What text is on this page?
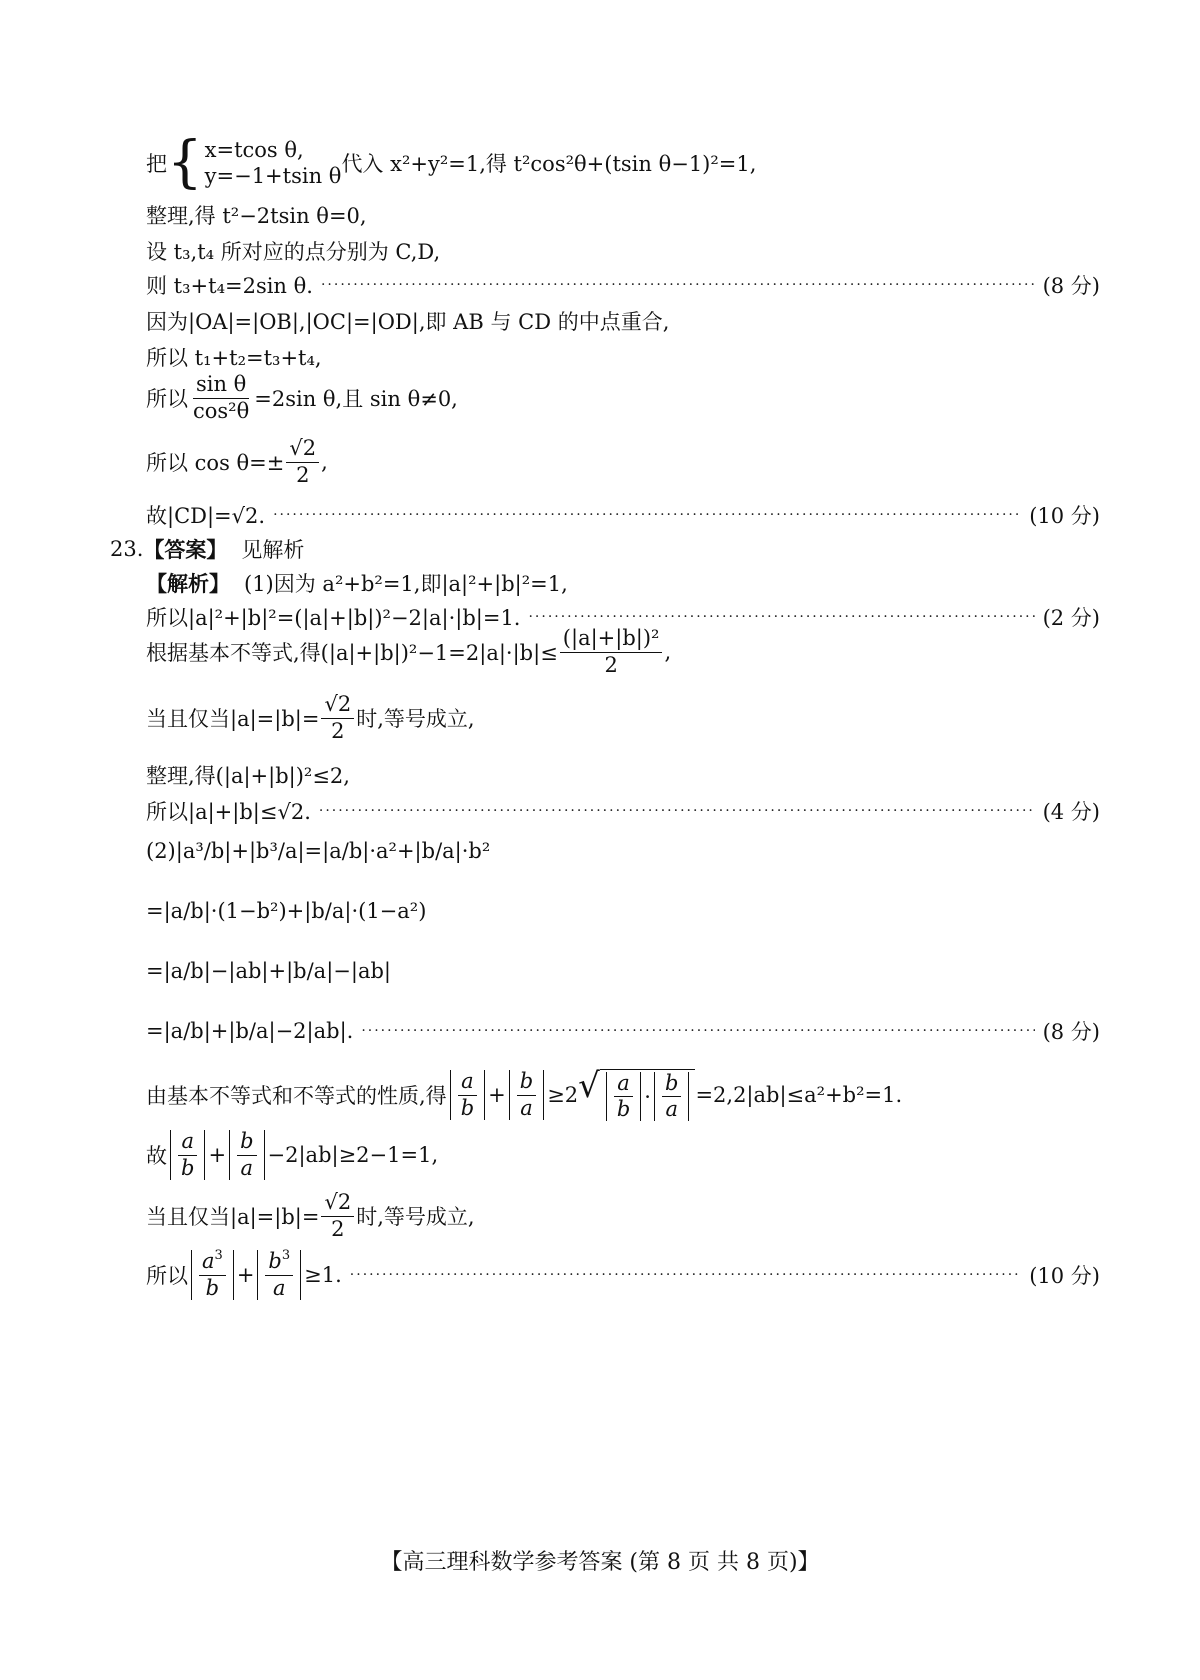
把 { x=tcos θ,
y=−1+tsin θ 代入 x²+y²=1,得 t²cos²θ+(tsin θ−1)²=1,
整理,得 t²−2tsin θ=0,
设 t₃,t₄ 所对应的点分别为 C,D,
则 t₃+t₄=2sin θ. ·····	(8 分)
因为|OA|=|OB|,|OC|=|OD|,即 AB 与 CD 的中点重合,
所以 t₁+t₂=t₃+t₄,
所以 $\frac{\text{sin θ}}{\text{cos²θ}} =2\sin$ θ,且 sin θ≠0,
所以 $\cos \theta=\pm \frac{√2}{2}$ ,
故|CD|=√2. ·····	(10 分)
23. 【答案】 见解析
【解析】 (1)因为 a²+b²=1,即|a|²+|b|²=1,
所以|a|²+|b|²=(|a|+|b|)²−2|a|·|b|=1. ·····	(2 分)
根据基本不等式,得$(|a|+|b|)^2-1=2|a|\cdot|b|\le \frac{\text{(|a|+|b|)²}}{2}$ ,
当且仅当$|a|=|b|= \frac{√2}{2}$ 时,等号成立,
整理,得(|a|+|b|)²≤2,
所以|a|+|b|≤√2. ·····	(4 分)
(2) |a³/b|+|b³/a|=|a/b|·a²+|b/a|·b²
=|a/b|·(1−b²)+|b/a|·(1−a²)
=|a/b|−|ab|+|b/a|−|ab|
=|a/b|+|b/a|−2|ab|. ·····	(8 分)
由基本不等式和不等式的性质,得 $\frac{a}{b} + \frac{b}{a} \ge 2$ √ $\frac{a}{b} \cdot \frac{b}{a} =2,2|ab|\le a^2+b^2=1$.
故 $\frac{a}{b} + \frac{b}{a} -2|ab|\ge 2-1=1$,
当且仅当$|a|=|b|= \frac{√2}{2}$ 时,等号成立,
所以 $\frac{a^3}{b} + \frac{b^3}{a} \ge 1$. ·····	(10 分)
【高三理科数学参考答案 (第 8 页 共 8 页)】
